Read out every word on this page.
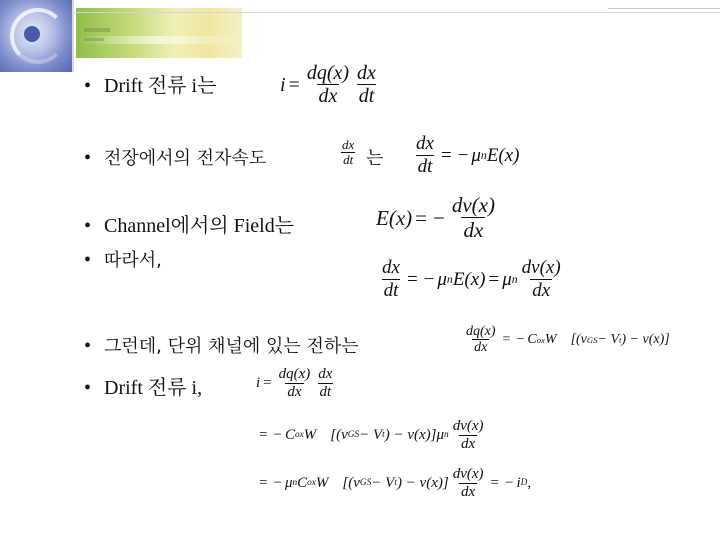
• Drift 전류 i는	$i = \frac{dq(x)}{dx} \frac{dx}{dt}$
• 전장에서의 전자속도	$\frac{dx}{dt}$ 는 $\frac{dx}{dt}$ = − μ n E(x)
• Channel에서의 Field는	E(x) = − $\frac{dv(x)}{dx}$
• 따라서,	$\frac{dx}{dt}$ = − μ n E(x) = μ n $\frac{dv(x)}{dx}$
• 그런데, 단위 채널에 있는 전하는	$\frac{dq(x)}{dx}$ = − C ox W [(v GS − V t ) − v(x)]
• Drift 전류 i,	$i = \frac{dq(x)}{dx} \frac{dx}{dt}$
= − C ox W [(v GS − V t ) − v(x)] μ n $\frac{dv(x)}{dx}$
= − μ n C ox W [(v GS − V t ) − $v(x)] \frac{dv(x)}{dx}$ = − i D ,
